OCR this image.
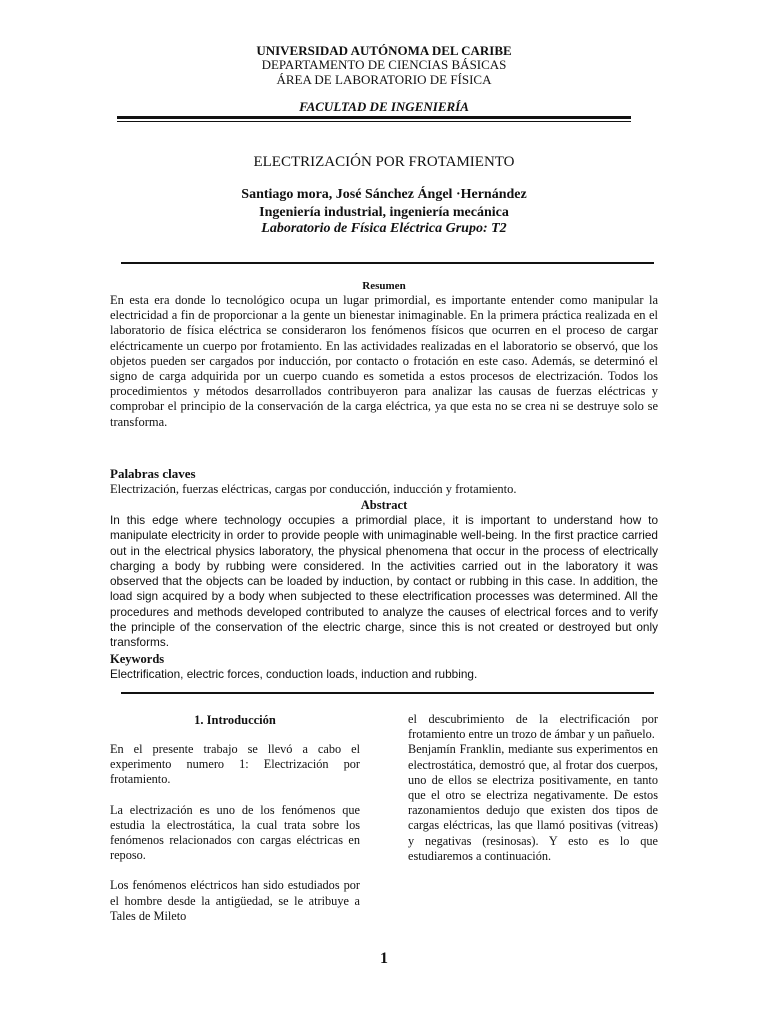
UNIVERSIDAD AUTÓNOMA DEL CARIBE
DEPARTAMENTO DE CIENCIAS BÁSICAS
ÁREA DE LABORATORIO DE FÍSICA
FACULTAD DE INGENIERÍA
ELECTRIZACIÓN POR FROTAMIENTO
Santiago mora, José Sánchez Ángel ·Hernández
Ingeniería industrial, ingeniería mecánica
Laboratorio de Física Eléctrica Grupo: T2
Resumen
En esta era donde lo tecnológico ocupa un lugar primordial, es importante entender como manipular la electricidad a fin de proporcionar a la gente un bienestar inimaginable. En la primera práctica realizada en el laboratorio de física eléctrica se consideraron los fenómenos físicos que ocurren en el proceso de cargar eléctricamente un cuerpo por frotamiento. En las actividades realizadas en el laboratorio se observó, que los objetos pueden ser cargados por inducción, por contacto o frotación en este caso. Además, se determinó el signo de carga adquirida por un cuerpo cuando es sometida a estos procesos de electrización. Todos los procedimientos y métodos desarrollados contribuyeron para analizar las causas de fuerzas eléctricas y comprobar el principio de la conservación de la carga eléctrica, ya que esta no se crea ni se destruye solo se transforma.
Palabras claves
Electrización, fuerzas eléctricas, cargas por conducción, inducción y frotamiento.
Abstract
In this edge where technology occupies a primordial place, it is important to understand how to manipulate electricity in order to provide people with unimaginable well-being. In the first practice carried out in the electrical physics laboratory, the physical phenomena that occur in the process of electrically charging a body by rubbing were considered. In the activities carried out in the laboratory it was observed that the objects can be loaded by induction, by contact or rubbing in this case. In addition, the load sign acquired by a body when subjected to these electrification processes was determined. All the procedures and methods developed contributed to analyze the causes of electrical forces and to verify the principle of the conservation of the electric charge, since this is not created or destroyed but only transforms.
Keywords
Electrification, electric forces, conduction loads, induction and rubbing.
1. Introducción

En el presente trabajo se llevó a cabo el experimento numero 1: Electrización por frotamiento.

La electrización es uno de los fenómenos que estudia la electrostática, la cual trata sobre los fenómenos relacionados con cargas eléctricas en reposo.

Los fenómenos eléctricos han sido estudiados por el hombre desde la antigüedad, se le atribuye a Tales de Mileto

el descubrimiento de la electrificación por frotamiento entre un trozo de ámbar y un pañuelo.

Benjamín Franklin, mediante sus experimentos en electrostática, demostró que, al frotar dos cuerpos, uno de ellos se electriza positivamente, en tanto que el otro se electriza negativamente. De estos razonamientos dedujo que existen dos tipos de cargas eléctricas, las que llamó positivas (vitreas) y negativas (resinosas). Y esto es lo que estudiaremos a continuación.

1
